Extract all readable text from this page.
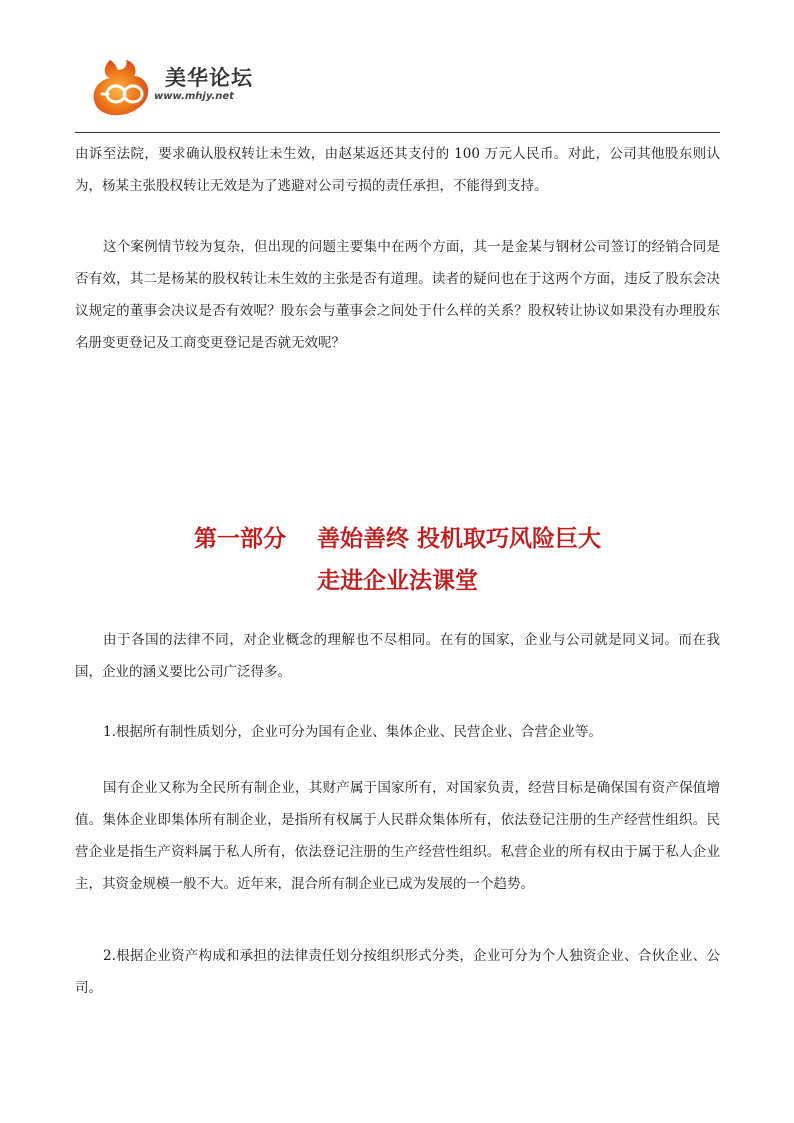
美华论坛
www.mhjy.net

由诉至法院，要求确认股权转让未生效，由赵某返还其支付的 100 万元人民币。对此，公司其他股东则认为，杨某主张股权转让无效是为了逃避对公司亏损的责任承担，不能得到支持。

这个案例情节较为复杂，但出现的问题主要集中在两个方面，其一是金某与钢材公司签订的经销合同是否有效，其二是杨某的股权转让未生效的主张是否有道理。读者的疑问也在于这两个方面，违反了股东会决议规定的董事会决议是否有效呢？股东会与董事会之间处于什么样的关系？股权转让协议如果没有办理股东名册变更登记及工商变更登记是否就无效呢？

第一部分　 善始善终 投机取巧风险巨大
走进企业法课堂

由于各国的法律不同，对企业概念的理解也不尽相同。在有的国家，企业与公司就是同义词。而在我国，企业的涵义要比公司广泛得多。

1.根据所有制性质划分，企业可分为国有企业、集体企业、民营企业、合营企业等。

国有企业又称为全民所有制企业，其财产属于国家所有，对国家负责，经营目标是确保国有资产保值增值。集体企业即集体所有制企业，是指所有权属于人民群众集体所有，依法登记注册的生产经营性组织。民营企业是指生产资料属于私人所有，依法登记注册的生产经营性组织。私营企业的所有权由于属于私人企业主，其资金规模一般不大。近年来，混合所有制企业已成为发展的一个趋势。

2.根据企业资产构成和承担的法律责任划分按组织形式分类，企业可分为个人独资企业、合伙企业、公司。
